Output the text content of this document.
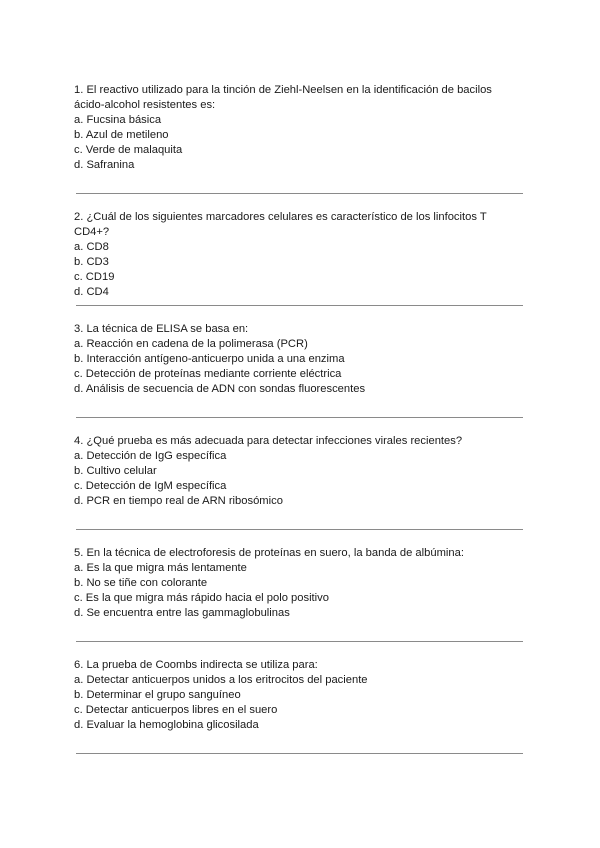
1. El reactivo utilizado para la tinción de Ziehl-Neelsen en la identificación de bacilos ácido-alcohol resistentes es:

a. Fucsina básica
b. Azul de metileno
c. Verde de malaquita
d. Safranina

2. ¿Cuál de los siguientes marcadores celulares es característico de los linfocitos T CD4+?

a. CD8
b. CD3
c. CD19
d. CD4

3. La técnica de ELISA se basa en:

a. Reacción en cadena de la polimerasa (PCR)
b. Interacción antígeno-anticuerpo unida a una enzima
c. Detección de proteínas mediante corriente eléctrica
d. Análisis de secuencia de ADN con sondas fluorescentes

4. ¿Qué prueba es más adecuada para detectar infecciones virales recientes?

a. Detección de IgG específica
b. Cultivo celular
c. Detección de IgM específica
d. PCR en tiempo real de ARN ribosómico

5. En la técnica de electroforesis de proteínas en suero, la banda de albúmina:

a. Es la que migra más lentamente
b. No se tiñe con colorante
c. Es la que migra más rápido hacia el polo positivo
d. Se encuentra entre las gammaglobulinas

6. La prueba de Coombs indirecta se utiliza para:

a. Detectar anticuerpos unidos a los eritrocitos del paciente
b. Determinar el grupo sanguíneo
c. Detectar anticuerpos libres en el suero
d. Evaluar la hemoglobina glicosilada
